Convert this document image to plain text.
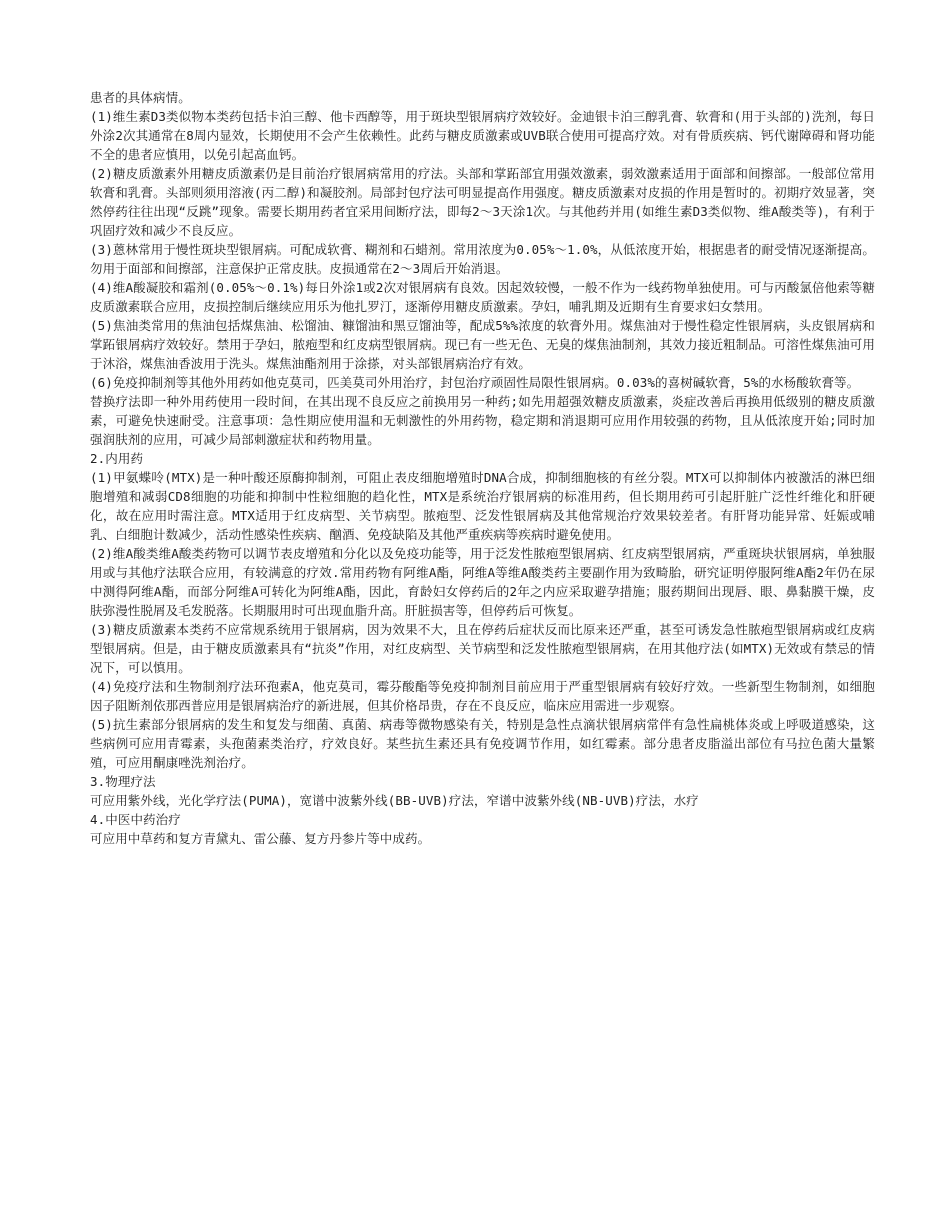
患者的具体病情。

(1)维生素D3类似物本类药包括卡泊三醇、他卡西醇等，用于斑块型银屑病疗效较好。金迪银卡泊三醇乳膏、软膏和(用于头部的)洗剂，每日外涂2次其通常在8周内显效，长期使用不会产生依赖性。此药与糖皮质激素或UVB联合使用可提高疗效。对有骨质疾病、钙代谢障碍和肾功能不全的患者应慎用，以免引起高血钙。

(2)糖皮质激素外用糖皮质激素仍是目前治疗银屑病常用的疗法。头部和掌跖部宜用强效激素，弱效激素适用于面部和间擦部。一般部位常用软膏和乳膏。头部则须用溶液(丙二醇)和凝胶剂。局部封包疗法可明显提高作用强度。糖皮质激素对皮损的作用是暂时的。初期疗效显著，突然停药往往出现“反跳”现象。需要长期用药者宜采用间断疗法，即每2～3天涂1次。与其他药并用(如维生素D3类似物、维A酸类等)，有利于巩固疗效和减少不良反应。

(3)蒽林常用于慢性斑块型银屑病。可配成软膏、糊剂和石蜡剂。常用浓度为0.05%～1.0%，从低浓度开始，根据患者的耐受情况逐渐提高。勿用于面部和间擦部，注意保护正常皮肤。皮损通常在2～3周后开始消退。

(4)维A酸凝胶和霜剂(0.05%～0.1%)每日外涂1或2次对银屑病有良效。因起效较慢，一般不作为一线药物单独使用。可与丙酸氯倍他索等糖皮质激素联合应用，皮损控制后继续应用乐为他扎罗汀，逐渐停用糖皮质激素。孕妇，哺乳期及近期有生育要求妇女禁用。

(5)焦油类常用的焦油包括煤焦油、松馏油、糠馏油和黑豆馏油等，配成5%%浓度的软膏外用。煤焦油对于慢性稳定性银屑病，头皮银屑病和掌跖银屑病疗效较好。禁用于孕妇，脓疱型和红皮病型银屑病。现已有一些无色、无臭的煤焦油制剂，其效力接近粗制品。可溶性煤焦油可用于沐浴，煤焦油香波用于洗头。煤焦油酯剂用于涂搽，对头部银屑病治疗有效。

(6)免疫抑制剂等其他外用药如他克莫司，匹美莫司外用治疗，封包治疗顽固性局限性银屑病。0.03%的喜树碱软膏，5%的水杨酸软膏等。

替换疗法即一种外用药使用一段时间，在其出现不良反应之前换用另一种药;如先用超强效糖皮质激素，炎症改善后再换用低级别的糖皮质激素，可避免快速耐受。注意事项：急性期应使用温和无刺激性的外用药物，稳定期和消退期可应用作用较强的药物，且从低浓度开始;同时加强润肤剂的应用，可减少局部刺激症状和药物用量。

2.内用药

(1)甲氨蝶呤(MTX)是一种叶酸还原酶抑制剂，可阻止表皮细胞增殖时DNA合成，抑制细胞核的有丝分裂。MTX可以抑制体内被激活的淋巴细胞增殖和减弱CD8细胞的功能和抑制中性粒细胞的趋化性，MTX是系统治疗银屑病的标准用药，但长期用药可引起肝脏广泛性纤维化和肝硬化，故在应用时需注意。MTX适用于红皮病型、关节病型。脓疱型、泛发性银屑病及其他常规治疗效果较差者。有肝肾功能异常、妊娠或哺乳、白细胞计数减少，活动性感染性疾病、酗酒、免疫缺陷及其他严重疾病等疾病时避免使用。

(2)维A酸类维A酸类药物可以调节表皮增殖和分化以及免疫功能等，用于泛发性脓疱型银屑病、红皮病型银屑病，严重斑块状银屑病，单独服用或与其他疗法联合应用，有较满意的疗效.常用药物有阿维A酯，阿维A等维A酸类药主要副作用为致畸胎，研究证明停服阿维A酯2年仍在尿中测得阿维A酯，而部分阿维A可转化为阿维A酯，因此，育龄妇女停药后的2年之内应采取避孕措施；服药期间出现唇、眼、鼻黏膜干燥，皮肤弥漫性脱屑及毛发脱落。长期服用时可出现血脂升高。肝脏损害等，但停药后可恢复。

(3)糖皮质激素本类药不应常规系统用于银屑病，因为效果不大，且在停药后症状反而比原来还严重，甚至可诱发急性脓疱型银屑病或红皮病型银屑病。但是，由于糖皮质激素具有“抗炎”作用，对红皮病型、关节病型和泛发性脓疱型银屑病，在用其他疗法(如MTX)无效或有禁忌的情况下，可以慎用。

(4)免疫疗法和生物制剂疗法环孢素A，他克莫司，霉芬酸酯等免疫抑制剂目前应用于严重型银屑病有较好疗效。一些新型生物制剂，如细胞因子阻断剂依那西普应用是银屑病治疗的新进展，但其价格昂贵，存在不良反应，临床应用需进一步观察。

(5)抗生素部分银屑病的发生和复发与细菌、真菌、病毒等微物感染有关，特别是急性点滴状银屑病常伴有急性扁桃体炎或上呼吸道感染，这些病例可应用青霉素，头孢菌素类治疗，疗效良好。某些抗生素还具有免疫调节作用，如红霉素。部分患者皮脂溢出部位有马拉色菌大量繁殖，可应用酮康唑洗剂治疗。

3.物理疗法

可应用紫外线，光化学疗法(PUMA)，宽谱中波紫外线(BB-UVB)疗法，窄谱中波紫外线(NB-UVB)疗法，水疗

4.中医中药治疗

可应用中草药和复方青黛丸、雷公藤、复方丹参片等中成药。
